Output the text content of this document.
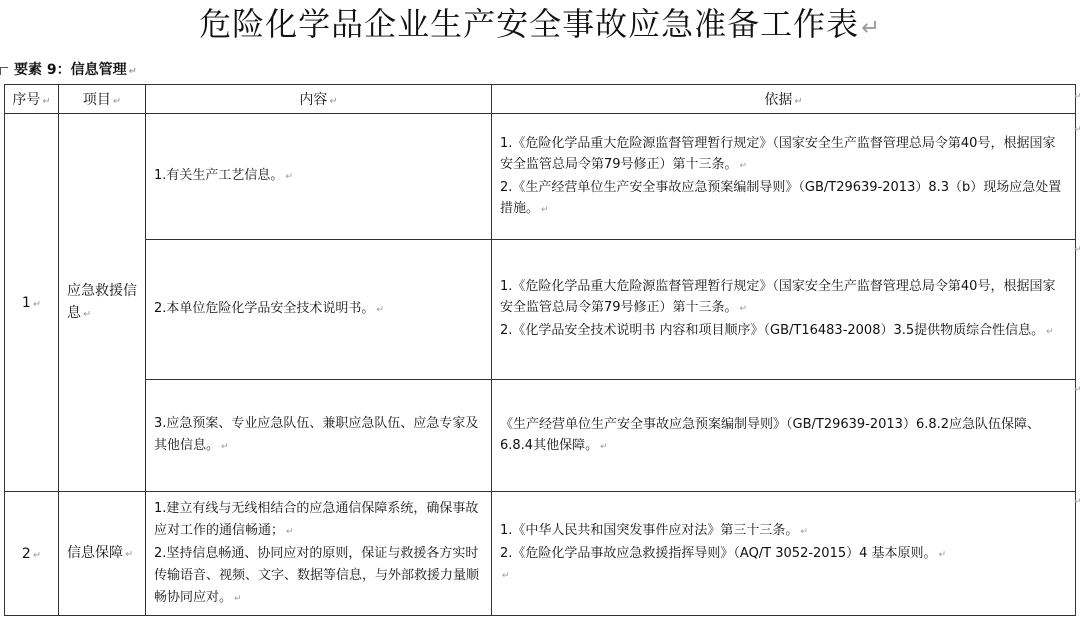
危险化学品企业生产安全事故应急准备工作表↵
要素 9：信息管理 ↵
序号 ↵	项目 ↵	内容 ↵	依据 ↵
1 ↵	应急救援信息 ↵	1.有关生产工艺信息。 ↵	1.《危险化学品重大危险源监督管理暂行规定》（国家安全生产监督管理总局令第40号，根据国家安全监管总局令第79号修正）第十三条。 ↵
2.《生产经营单位生产安全事故应急预案编制导则》（GB/T29639-2013）8.3（b）现场应急处置措施。 ↵

		2.本单位危险化学品安全技术说明书。 ↵	1.《危险化学品重大危险源监督管理暂行规定》（国家安全生产监督管理总局令第40号，根据国家安全监管总局令第79号修正）第十三条。 ↵
2.《化学品安全技术说明书 内容和项目顺序》（GB/T16483-2008）3.5提供物质综合性信息。 ↵

		3.应急预案、专业应急队伍、兼职应急队伍、应急专家及其他信息。 ↵	《生产经营单位生产安全事故应急预案编制导则》（GB/T29639-2013）6.8.2应急队伍保障、6.8.4其他保障。 ↵

2 ↵	信息保障 ↵	1.建立有线与无线相结合的应急通信保障系统，确保事故应对工作的通信畅通； ↵
2.坚持信息畅通、协同应对的原则，保证与救援各方实时传输语音、视频、文字、数据等信息，与外部救援力量顺畅协同应对。 ↵	1.《中华人民共和国突发事件应对法》第三十三条。 ↵
2.《危险化学品事故应急救援指挥导则》（AQ/T 3052-2015）4 基本原则。 ↵
↵
↵
↵
↵
↵
↵
